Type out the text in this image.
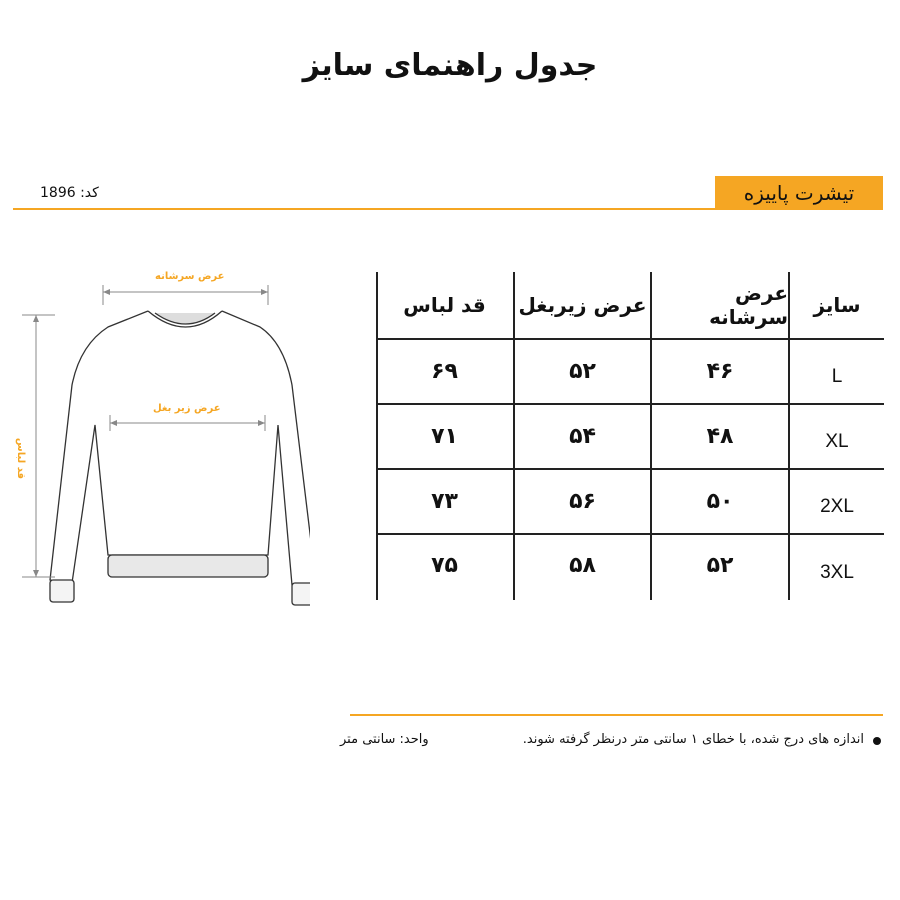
جدول راهنمای سایز
کد: 1896	تیشرت پاییزه
عرض سرشانه
عرض زیر بغل
قد لباس
سایز
عرض سرشانه
عرض زیربغل
قد لباس
L
۴۶
۵۲
۶۹
XL
۴۸
۵۴
۷۱
2XL
۵۰
۵۶
۷۳
3XL
۵۲
۵۸
۷۵
اندازه های درج شده، با خطای ۱ سانتی متر درنظر گرفته شوند.
واحد: سانتی متر
